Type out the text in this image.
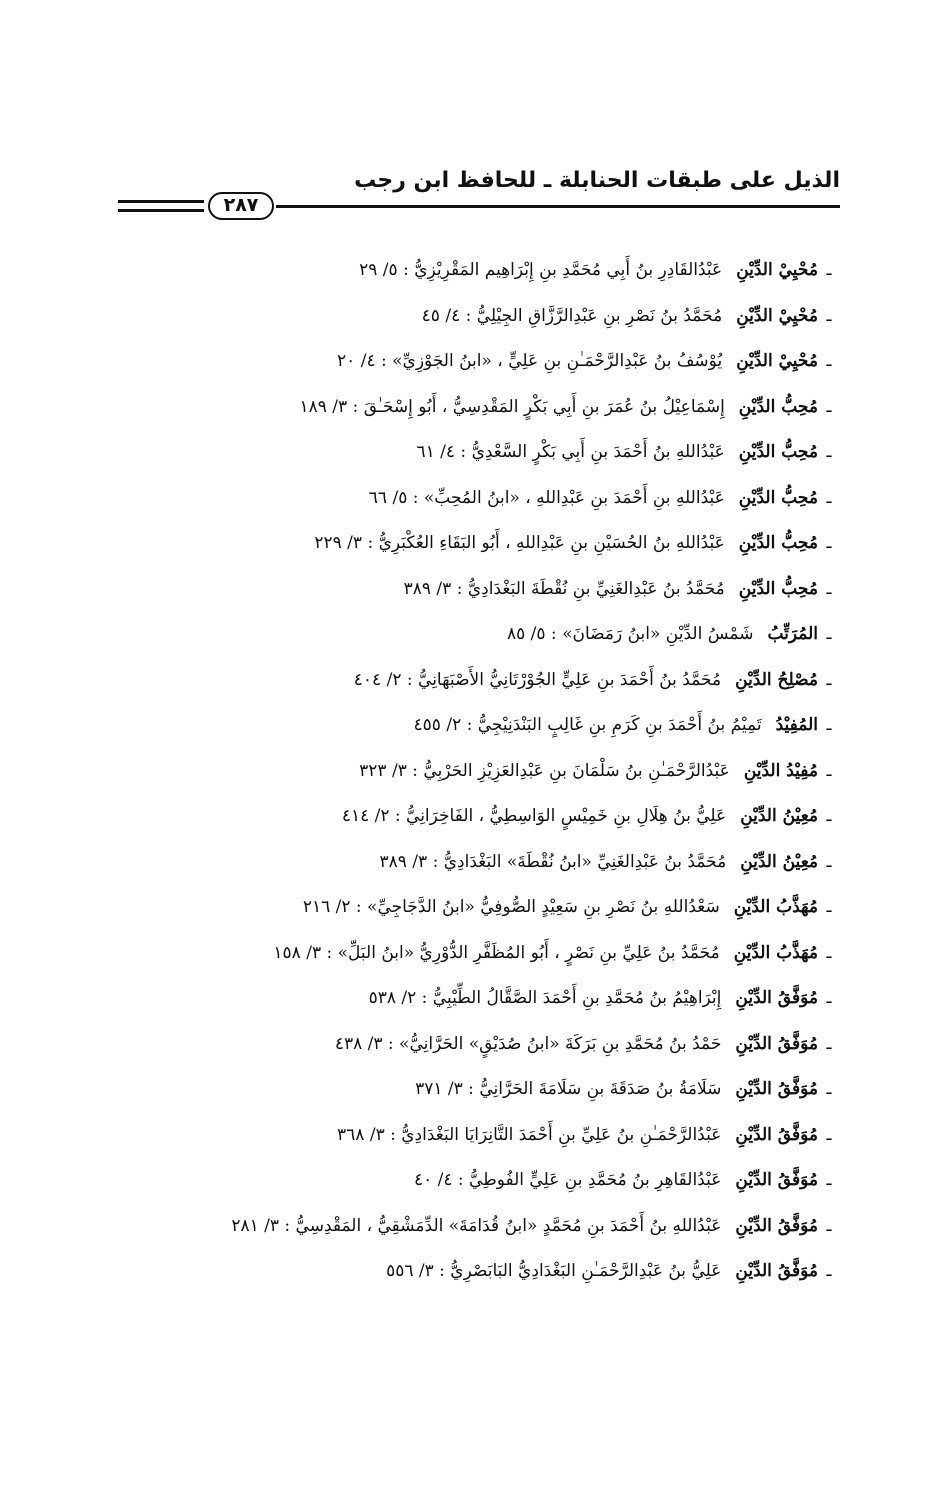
الذيل على طبقات الحنابلة ـ للحافظ ابن رجب
٢٨٧
ـمُحْيِيْ الدِّيْنِعَبْدُالقَادِرِ بنُ أَبِي مُحَمَّدِ بنِ إِبْرَاهِيم المَقْرِيْزِيُّ : ٥/ ٢٩
ـمُحْيِيْ الدِّيْنِمُحَمَّدُ بنُ نَصْرِ بنِ عَبْدِالرَّزَّاقِ الجِيْلِيُّ : ٤/ ٤٥
ـمُحْيِيْ الدِّيْنِيُوْسُفُ بنُ عَبْدِالرَّحْمَـٰنِ بنِ عَلِيٍّ ، «ابنُ الجَوْزِيِّ» : ٤/ ٢٠
ـمُحِبُّ الدِّيْنِإِسْمَاعِيْلُ بنُ عُمَرَ بنِ أَبِي بَكْرٍ المَقْدِسِيُّ ، أَبُو إِسْحَـٰقَ : ٣/ ١٨٩
ـمُحِبُّ الدِّيْنِعَبْدُاللهِ بنُ أَحْمَدَ بنِ أَبِي بَكْرٍ السَّعْدِيُّ : ٤/ ٦١
ـمُحِبُّ الدِّيْنِعَبْدُاللهِ بنِ أَحْمَدَ بنِ عَبْدِاللهِ ، «ابنُ المُحِبِّ» : ٥/ ٦٦
ـمُحِبُّ الدِّيْنِعَبْدُاللهِ بنُ الحُسَيْنِ بنِ عَبْدِاللهِ ، أَبُو البَقَاءِ العُكْبَرِيُّ : ٣/ ٢٢٩
ـمُحِبُّ الدِّيْنِمُحَمَّدُ بنُ عَبْدِالغَنِيِّ بنِ نُقْطَةَ البَغْدَادِيُّ : ٣/ ٣٨٩
ـالمُرَتِّبُشَمْسُ الدِّيْنِ «ابنُ رَمَضَانَ» : ٥/ ٨٥
ـمُصْلِحُ الدِّيْنِمُحَمَّدُ بنُ أَحْمَدَ بنِ عَلِيٍّ الجُوْرْتَانِيُّ الأَصْبَهَانِيُّ : ٢/ ٤٠٤
ـالمُفِيْدُتَمِيْمُ بنُ أَحْمَدَ بنِ كَرَمِ بنِ غَالِبٍ البَنْدَنِيْجِيُّ : ٢/ ٤٥٥
ـمُفِيْدُ الدِّيْنِعَبْدُالرَّحْمَـٰنِ بنُ سَلْمَانَ بنِ عَبْدِالعَزِيْزِ الحَرْبِيُّ : ٣/ ٣٢٣
ـمُعِيْنُ الدِّيْنِعَلِيُّ بنُ هِلَالِ بنِ خَمِيْسٍ الوَاسِطِيُّ ، الفَاخِرَانِيُّ : ٢/ ٤١٤
ـمُعِيْنُ الدِّيْنِمُحَمَّدُ بنُ عَبْدِالغَنِيِّ «ابنُ نُقْطَةَ» البَغْدَادِيُّ : ٣/ ٣٨٩
ـمُهَذَّبُ الدِّيْنِسَعْدُاللهِ بنُ نَصْرِ بنِ سَعِيْدٍ الصُّوفِيُّ «ابنُ الدَّجَاجِيِّ» : ٢/ ٢١٦
ـمُهَذَّبُ الدِّيْنِمُحَمَّدُ بنُ عَلِيِّ بنِ نَصْرٍ ، أَبُو المُظَفَّرِ الدُّوْرِيُّ «ابنُ البَلِّ» : ٣/ ١٥٨
ـمُوَفَّقُ الدِّيْنِإِبْرَاهِيْمُ بنُ مُحَمَّدِ بنِ أَحْمَدَ الصَّقَّالُ الطِّيْبِيُّ : ٢/ ٥٣٨
ـمُوَفَّقُ الدِّيْنِحَمْدُ بنُ مُحَمَّدِ بنِ بَرَكَةَ «ابنُ صُدَيْقٍ» الحَرَّانِيُّ» : ٣/ ٤٣٨
ـمُوَفَّقُ الدِّيْنِسَلَامَةُ بنُ صَدَقَةَ بنِ سَلَامَةَ الحَرَّانِيُّ : ٣/ ٣٧١
ـمُوَفَّقُ الدِّيْنِعَبْدُالرَّحْمَـٰنِ بنُ عَلِيِّ بنِ أَحْمَدَ التَّانِرَايَا البَغْدَادِيُّ : ٣/ ٣٦٨
ـمُوَفَّقُ الدِّيْنِعَبْدُالقَاهِرِ بنُ مُحَمَّدِ بنِ عَلِيٍّ الفُوطِيُّ : ٤/ ٤٠
ـمُوَفَّقُ الدِّيْنِعَبْدُاللهِ بنُ أَحْمَدَ بنِ مُحَمَّدٍ «ابنُ قُدَامَةَ» الدِّمَشْقِيُّ ، المَقْدِسِيُّ : ٣/ ٢٨١
ـمُوَفَّقُ الدِّيْنِعَلِيُّ بنُ عَبْدِالرَّحْمَـٰنِ البَغْدَادِيُّ البَابَصْرِيُّ : ٣/ ٥٥٦
